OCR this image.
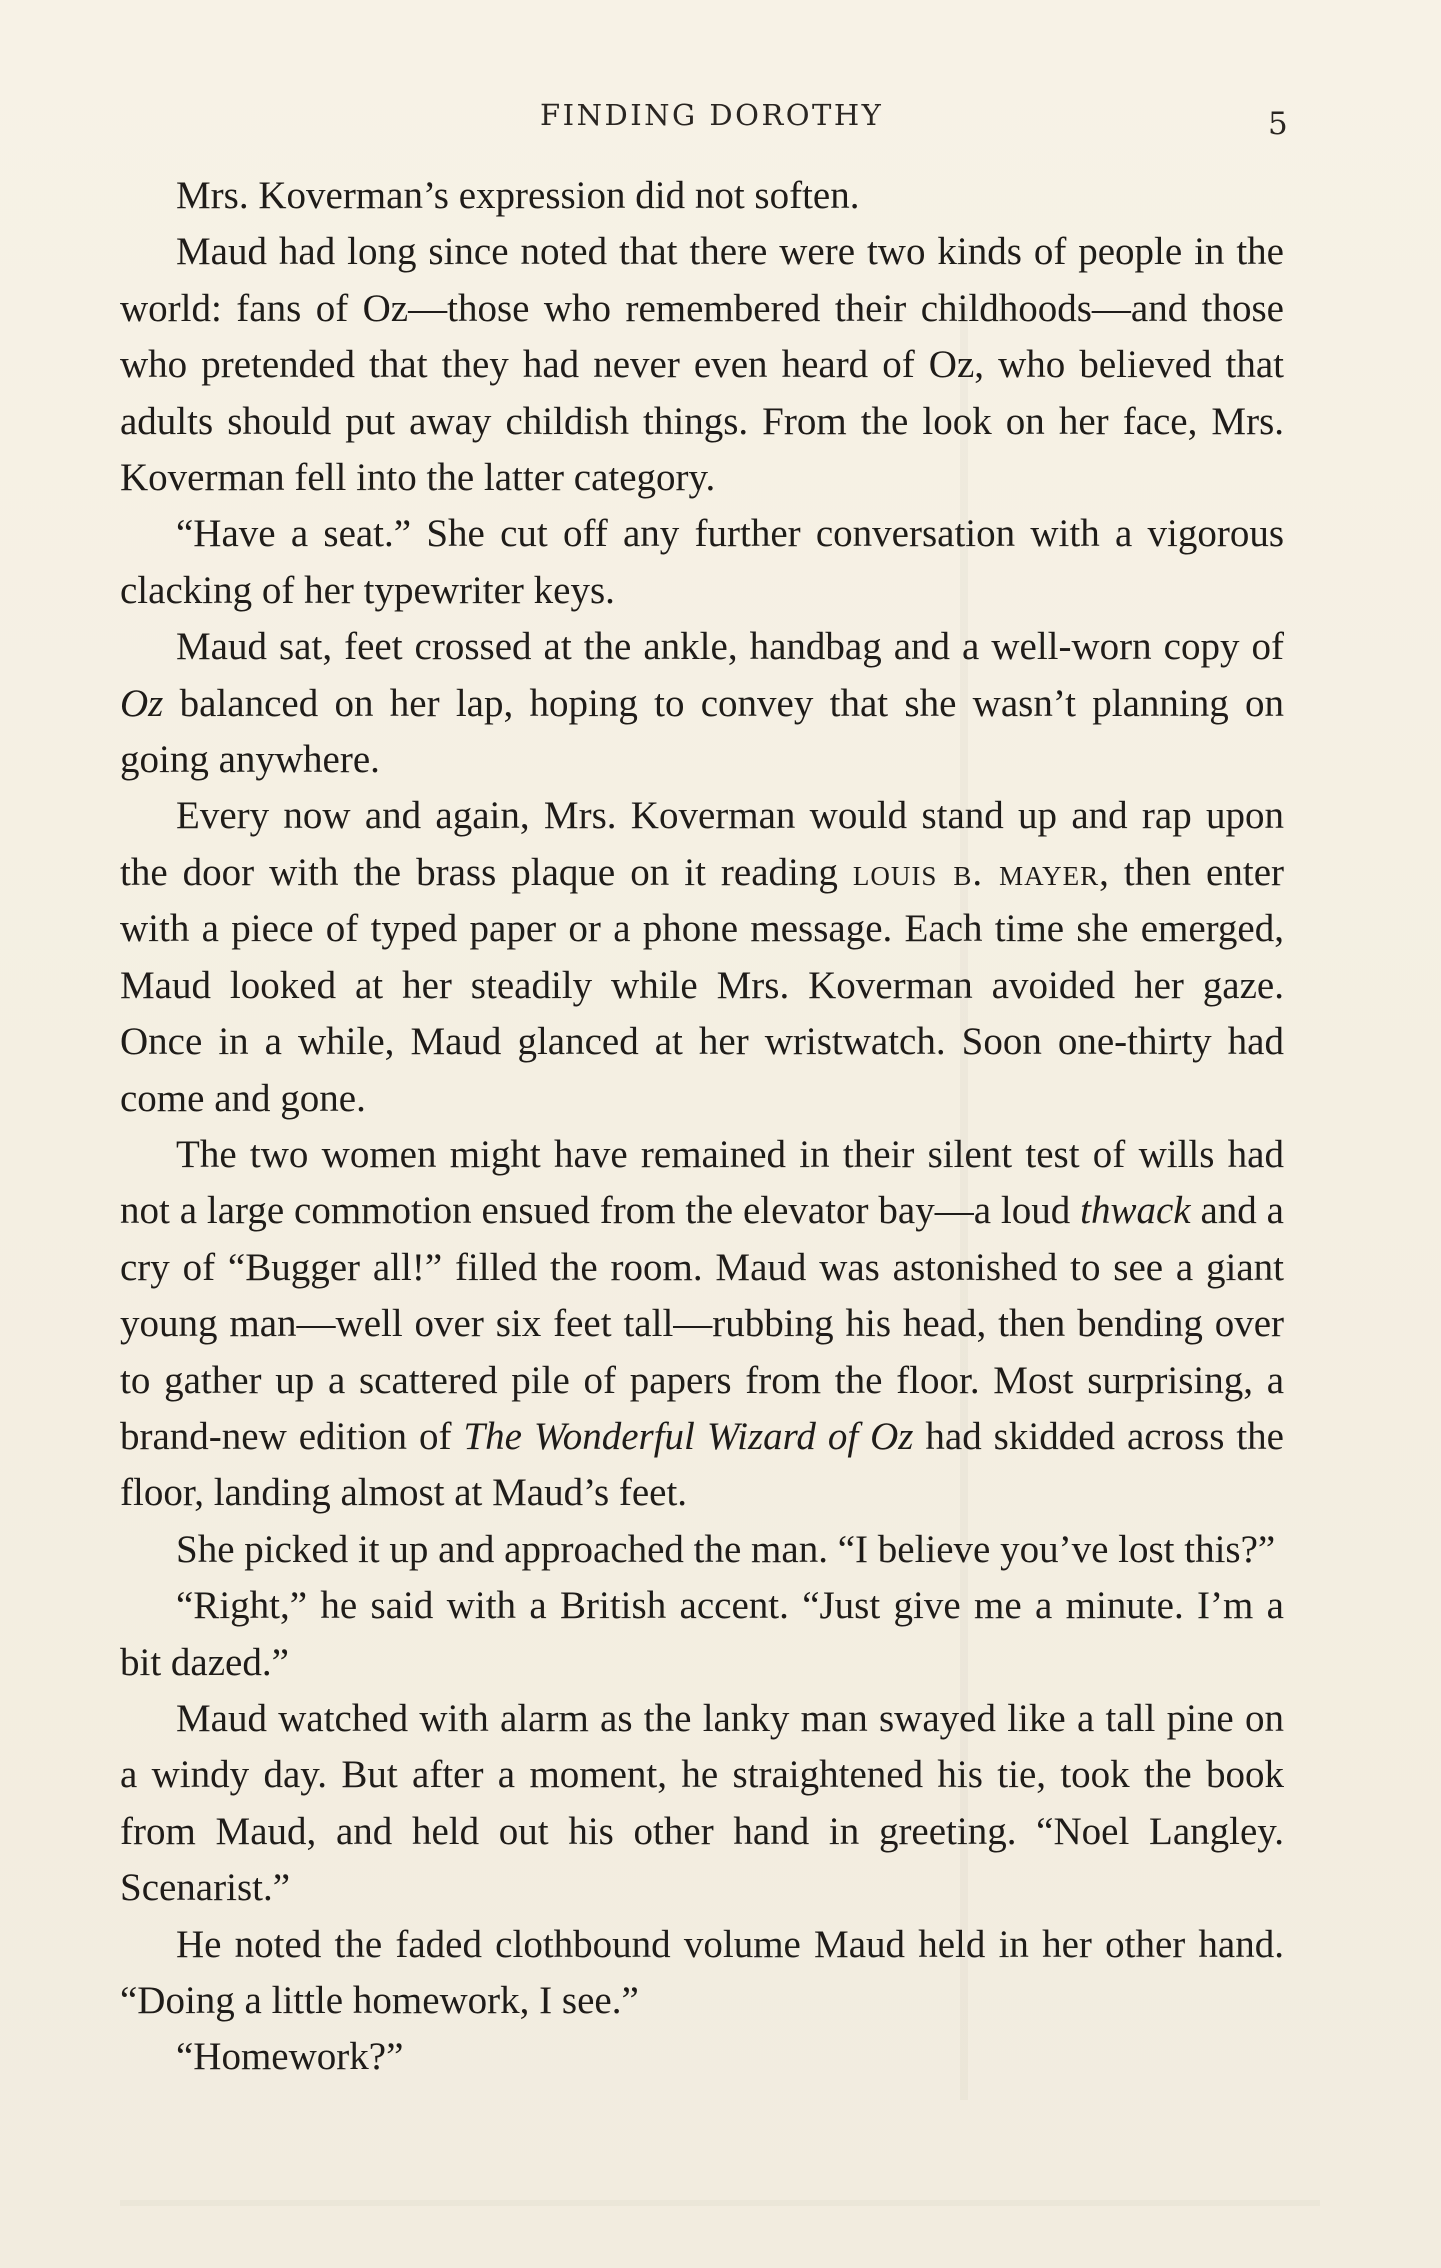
FINDING DOROTHY	5

Mrs. Koverman’s expression did not soften.

Maud had long since noted that there were two kinds of people in the world: fans of Oz—those who remembered their childhoods—and those who pretended that they had never even heard of Oz, who believed that adults should put away childish things. From the look on her face, Mrs. Koverman fell into the latter category.

“Have a seat.” She cut off any further conversation with a vigorous clacking of her typewriter keys.

Maud sat, feet crossed at the ankle, handbag and a well-worn copy of Oz balanced on her lap, hoping to convey that she wasn’t planning on going anywhere.

Every now and again, Mrs. Koverman would stand up and rap upon the door with the brass plaque on it reading louis b. mayer, then enter with a piece of typed paper or a phone message. Each time she emerged, Maud looked at her steadily while Mrs. Koverman avoided her gaze. Once in a while, Maud glanced at her wristwatch. Soon one-thirty had come and gone.

The two women might have remained in their silent test of wills had not a large commotion ensued from the elevator bay—a loud thwack and a cry of “Bugger all!” filled the room. Maud was astonished to see a giant young man—well over six feet tall—rubbing his head, then bending over to gather up a scattered pile of papers from the floor. Most surprising, a brand-new edition of The Wonderful Wizard of Oz had skidded across the floor, landing almost at Maud’s feet.

She picked it up and approached the man. “I believe you’ve lost this?”

“Right,” he said with a British accent. “Just give me a minute. I’m a bit dazed.”

Maud watched with alarm as the lanky man swayed like a tall pine on a windy day. But after a moment, he straightened his tie, took the book from Maud, and held out his other hand in greeting. “Noel Langley. Scenarist.”

He noted the faded clothbound volume Maud held in her other hand. “Doing a little homework, I see.”

“Homework?”
